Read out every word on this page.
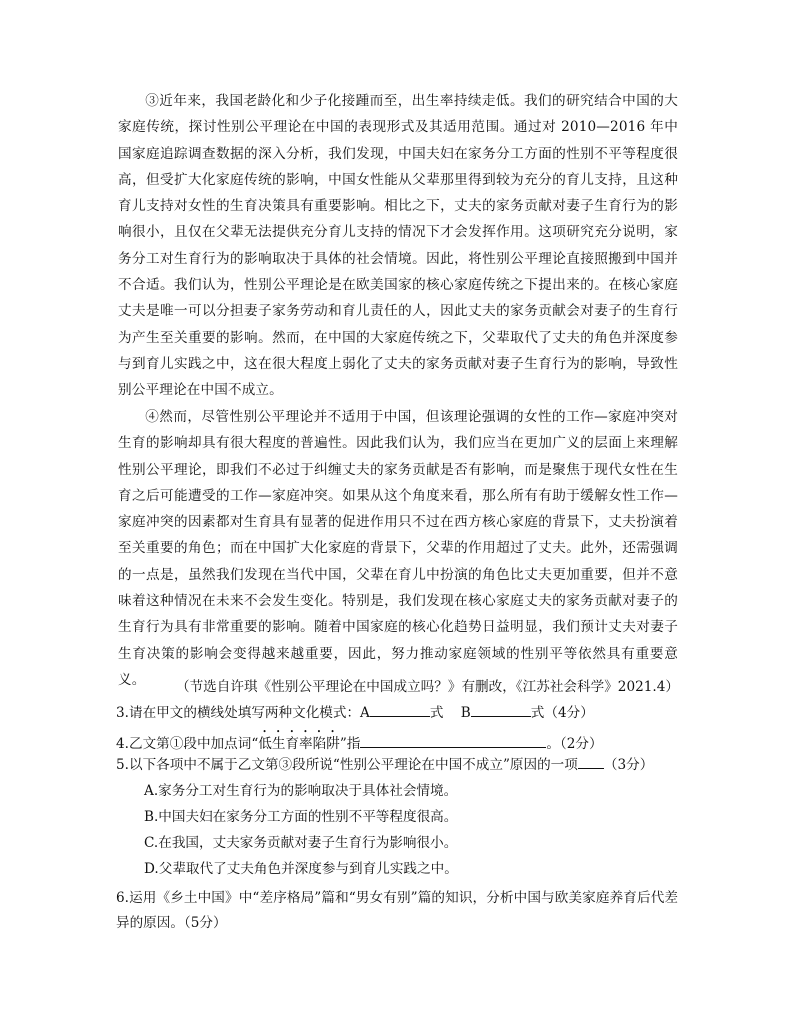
③近年来，我国老龄化和少子化接踵而至，出生率持续走低。我们的研究结合中国的大家庭传统，探讨性别公平理论在中国的表现形式及其适用范围。通过对 2010—2016 年中国家庭追踪调查数据的深入分析，我们发现，中国夫妇在家务分工方面的性别不平等程度很高，但受扩大化家庭传统的影响，中国女性能从父辈那里得到较为充分的育儿支持，且这种育儿支持对女性的生育决策具有重要影响。相比之下，丈夫的家务贡献对妻子生育行为的影响很小，且仅在父辈无法提供充分育儿支持的情况下才会发挥作用。这项研究充分说明，家务分工对生育行为的影响取决于具体的社会情境。因此，将性别公平理论直接照搬到中国并不合适。我们认为，性别公平理论是在欧美国家的核心家庭传统之下提出来的。在核心家庭丈夫是唯一可以分担妻子家务劳动和育儿责任的人，因此丈夫的家务贡献会对妻子的生育行为产生至关重要的影响。然而，在中国的大家庭传统之下，父辈取代了丈夫的角色并深度参与到育儿实践之中，这在很大程度上弱化了丈夫的家务贡献对妻子生育行为的影响，导致性别公平理论在中国不成立。

④然而，尽管性别公平理论并不适用于中国，但该理论强调的女性的工作—家庭冲突对生育的影响却具有很大程度的普遍性。因此我们认为，我们应当在更加广义的层面上来理解性别公平理论，即我们不必过于纠缠丈夫的家务贡献是否有影响，而是聚焦于现代女性在生育之后可能遭受的工作—家庭冲突。如果从这个角度来看，那么所有有助于缓解女性工作—家庭冲突的因素都对生育具有显著的促进作用只不过在西方核心家庭的背景下，丈夫扮演着至关重要的角色；而在中国扩大化家庭的背景下，父辈的作用超过了丈夫。此外，还需强调的一点是，虽然我们发现在当代中国，父辈在育儿中扮演的角色比丈夫更加重要，但并不意味着这种情况在未来不会发生变化。特别是，我们发现在核心家庭丈夫的家务贡献对妻子的生育行为具有非常重要的影响。随着中国家庭的核心化趋势日益明显，我们预计丈夫对妻子生育决策的影响会变得越来越重要，因此，努力推动家庭领域的性别平等依然具有重要意义。	（节选自许琪《性别公平理论在中国成立吗？》有删改，《江苏社会科学》2021.4）
3.请在甲文的横线处填写两种文化模式：A	式    B	式（4分）
4.乙文第①段中加点词“低生育率陷阱”指	。（2分）
5.以下各项中不属于乙文第③段所说“性别公平理论在中国不成立”原因的一项 （3分）
A.家务分工对生育行为的影响取决于具体社会情境。
B.中国夫妇在家务分工方面的性别不平等程度很高。
C.在我国，丈夫家务贡献对妻子生育行为影响很小。
D.父辈取代了丈夫角色并深度参与到育儿实践之中。
6.运用《乡土中国》中“差序格局”篇和“男女有别”篇的知识，分析中国与欧美家庭养育后代差异的原因。（5分）
